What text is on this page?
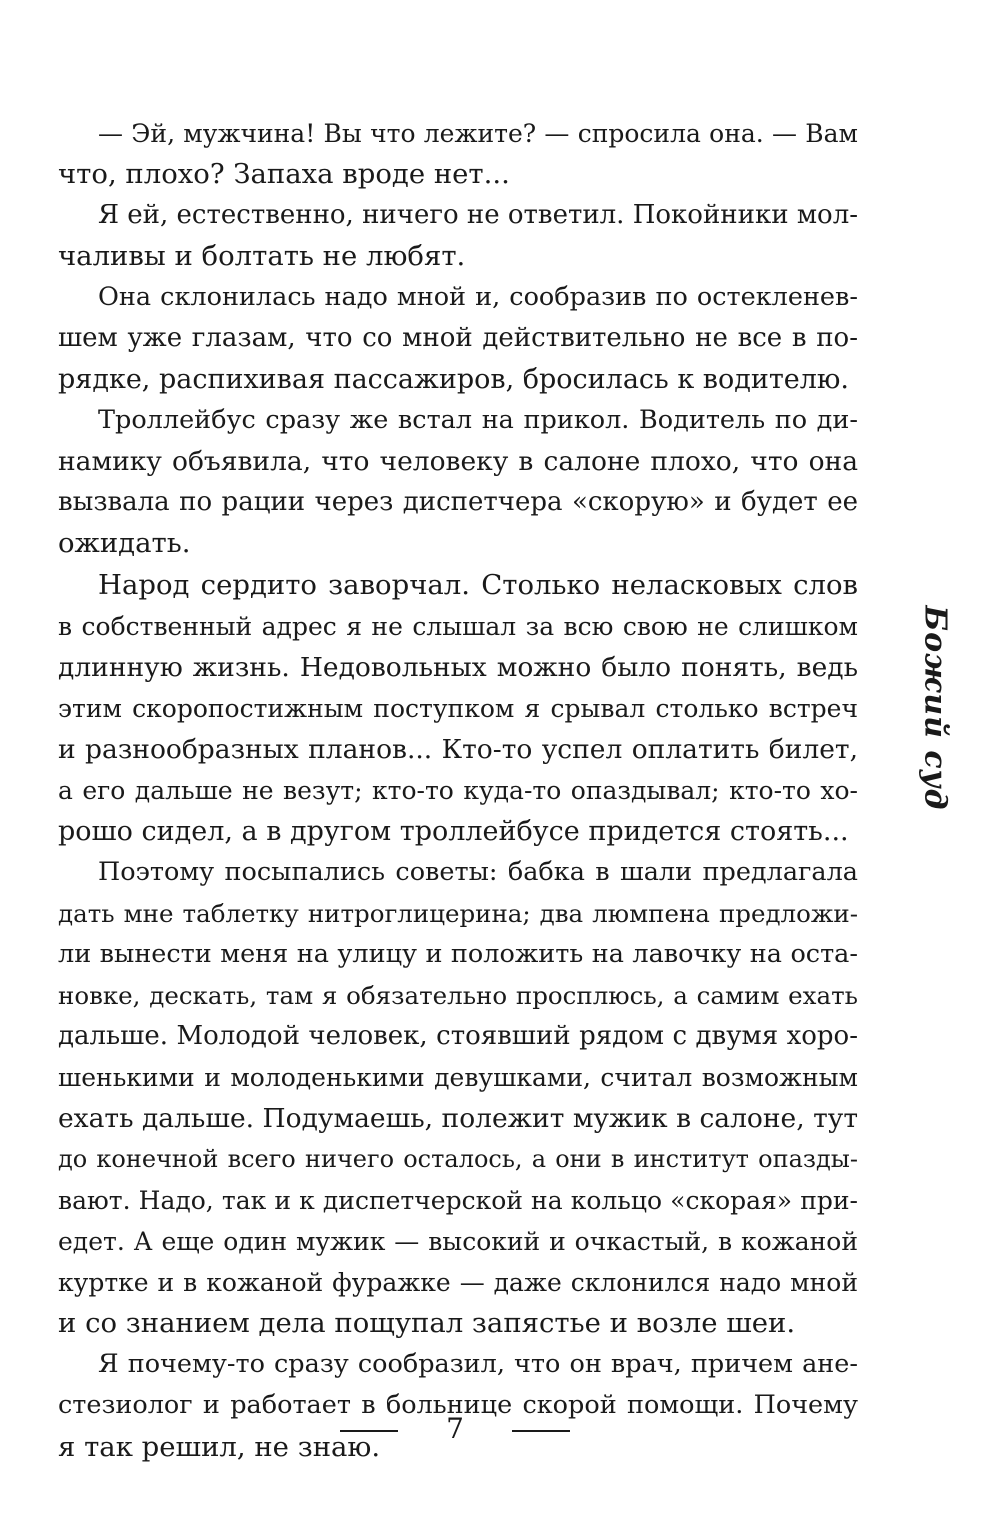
— Эй, мужчина! Вы что лежите? — спросила она. — Вам
что, плохо? Запаха вроде нет...
Я ей, естественно, ничего не ответил. Покойники мол-
чаливы и болтать не любят.
Она склонилась надо мной и, сообразив по остекленев-
шем уже глазам, что со мной действительно не все в по-
рядке, распихивая пассажиров, бросилась к водителю.
Троллейбус сразу же встал на прикол. Водитель по ди-
намику объявила, что человеку в салоне плохо, что она
вызвала по рации через диспетчера «скорую» и будет ее
ожидать.
Народ сердито заворчал. Столько неласковых слов
в собственный адрес я не слышал за всю свою не слишком
длинную жизнь. Недовольных можно было понять, ведь
этим скоропостижным поступком я срывал столько встреч
и разнообразных планов... Кто-то успел оплатить билет,
а его дальше не везут; кто-то куда-то опаздывал; кто-то хо-
рошо сидел, а в другом троллейбусе придется стоять...
Поэтому посыпались советы: бабка в шали предлагала
дать мне таблетку нитроглицерина; два люмпена предложи-
ли вынести меня на улицу и положить на лавочку на оста-
новке, дескать, там я обязательно просплюсь, а самим ехать
дальше. Молодой человек, стоявший рядом с двумя хоро-
шенькими и молоденькими девушками, считал возможным
ехать дальше. Подумаешь, полежит мужик в салоне, тут
до конечной всего ничего осталось, а они в институт опазды-
вают. Надо, так и к диспетчерской на кольцо «скорая» при-
едет. А еще один мужик — высокий и очкастый, в кожаной
куртке и в кожаной фуражке — даже склонился надо мной
и со знанием дела пощупал запястье и возле шеи.
Я почему-то сразу сообразил, что он врач, причем ане-
стезиолог и работает в больнице скорой помощи. Почему
я так решил, не знаю.
Божий суд
7
